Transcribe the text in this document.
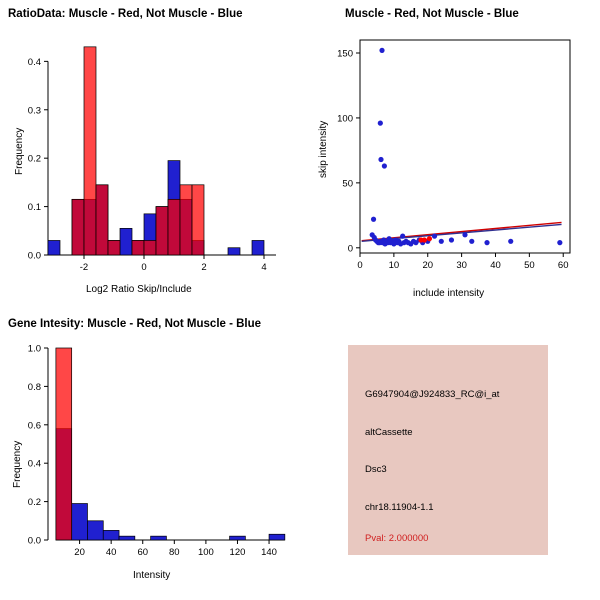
RatioData: Muscle - Red, Not Muscle - Blue
0.0
0.1
0.2
0.3
0.4
-2	0	2	4
Frequency
Log2 Ratio Skip/Include
Muscle - Red, Not Muscle - Blue
0
50
100
150
0	10 20 30 40 50 60
skip intensity
include intensity
Gene Intesity: Muscle - Red, Not Muscle - Blue
0.0
0.2
0.4
0.6
0.8
1.0
20 40 60 80 100 120 140
Frequency
Intensity
G6947904@J924833_RC@i_at
altCassette
Dsc3
chr18.11904-1.1
Pval: 2.000000
